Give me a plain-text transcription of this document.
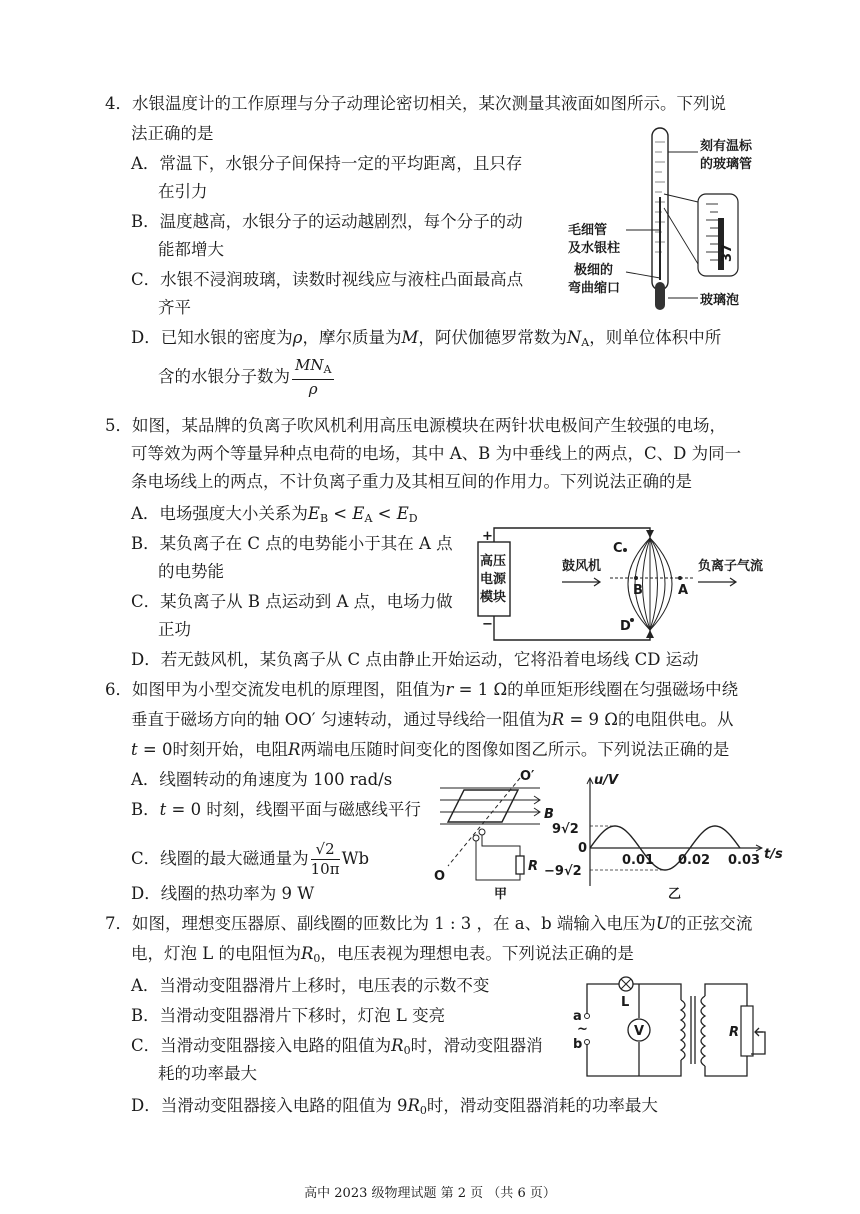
4．水银温度计的工作原理与分子动理论密切相关，某次测量其液面如图所示。下列说
法正确的是
A．常温下，水银分子间保持一定的平均距离，且只存
在引力
B．温度越高，水银分子的运动越剧烈，每个分子的动
能都增大
C．水银不浸润玻璃，读数时视线应与液柱凸面最高点
齐平
D．已知水银的密度为ρ，摩尔质量为M，阿伏伽德罗常数为$N_A$，则单位体积中所
含的水银分子数为 $\frac{MN_A}{\rho}$
37
刻有温标
的玻璃管
毛细管
及水银柱
极细的
弯曲缩口
玻璃泡
5．如图，某品牌的负离子吹风机利用高压电源模块在两针状电极间产生较强的电场，
可等效为两个等量异种点电荷的电场，其中 A、B 为中垂线上的两点，C、D 为同一
条电场线上的两点，不计负离子重力及其相互间的作用力。下列说法正确的是
A．电场强度大小关系为$E_B < E_A < E_D$
B．某负离子在 C 点的电势能小于其在 A 点
的电势能
C．某负离子从 B 点运动到 A 点，电场力做
正功
D．若无鼓风机，某负离子从 C 点由静止开始运动，它将沿着电场线 CD 运动
+
−
高压
电源
模块
鼓风机	负离子气流
B	A
C
D
6．如图甲为小型交流发电机的原理图，阻值为r = 1 Ω的单匝矩形线圈在匀强磁场中绕
垂直于磁场方向的轴 OO′ 匀速转动，通过导线给一阻值为R = 9 Ω的电阻供电。从
t = 0时刻开始，电阻R两端电压随时间变化的图像如图乙所示。下列说法正确的是
A．线圈转动的角速度为 100 rad/s
B．t = 0 时刻，线圈平面与磁感线平行
C．线圈的最大磁通量为 $\frac{√2}{10\pi}$ Wb
D．线圈的热功率为 9 W
O′
O
B
R
甲
u/V
t/s
9√2
0
−9√2
0.01 0.02 0.03
乙
7．如图，理想变压器原、副线圈的匝数比为 1 : 3 ，在 a、b 端输入电压为U的正弦交流
电，灯泡 L 的电阻恒为$R_0$，电压表视为理想电表。下列说法正确的是
A．当滑动变阻器滑片上移时，电压表的示数不变
B．当滑动变阻器滑片下移时，灯泡 L 变亮
C．当滑动变阻器接入电路的阻值为$R_0$时，滑动变阻器消
耗的功率最大
D．当滑动变阻器接入电路的阻值为 $9R_0$时，滑动变阻器消耗的功率最大
V
a
b
~
L
R
高中 2023 级物理试题 第 2 页 （共 6 页）
